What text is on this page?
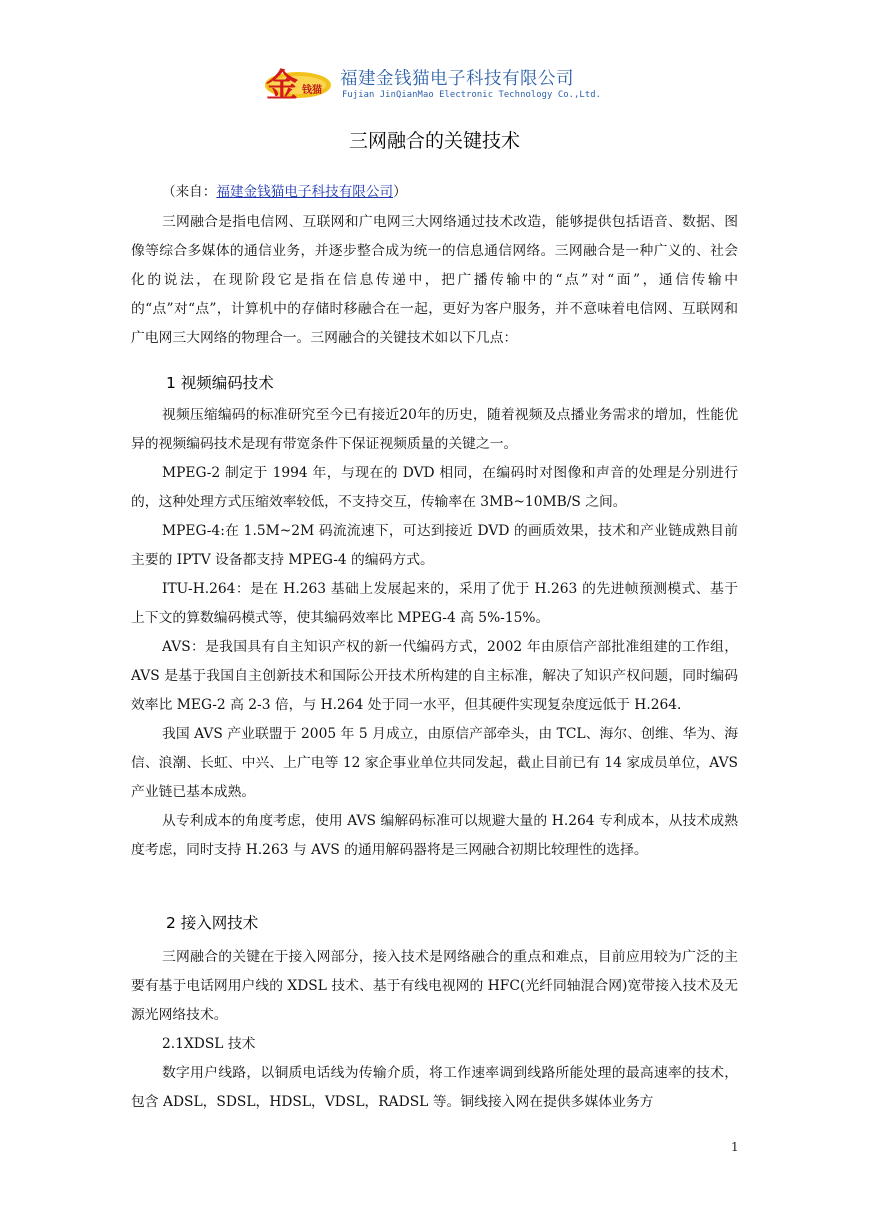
金 钱猫
福建金钱猫电子科技有限公司
Fujian JinQianMao Electronic Technology Co.,Ltd.
三网融合的关键技术
（来自：福建金钱猫电子科技有限公司）

三网融合是指电信网、互联网和广电网三大网络通过技术改造，能够提供包括语音、数据、图像等综合多媒体的通信业务，并逐步整合成为统一的信息通信网络。三网融合是一种广义的、社会化的说法，在现阶段它是指在信息传递中，把广播传输中的“点”对“面”，通信传输中的“点”对“点”，计算机中的存储时移融合在一起，更好为客户服务，并不意味着电信网、互联网和广电网三大网络的物理合一。三网融合的关键技术如以下几点：

1 视频编码技术

视频压缩编码的标准研究至今已有接近20年的历史，随着视频及点播业务需求的增加，性能优异的视频编码技术是现有带宽条件下保证视频质量的关键之一。

MPEG-2 制定于 1994 年，与现在的 DVD 相同，在编码时对图像和声音的处理是分别进行的，这种处理方式压缩效率较低，不支持交互，传输率在 3MB~10MB/S 之间。

MPEG-4:在 1.5M~2M 码流流速下，可达到接近 DVD 的画质效果，技术和产业链成熟目前主要的 IPTV 设备都支持 MPEG-4 的编码方式。

ITU-H.264：是在 H.263 基础上发展起来的，采用了优于 H.263 的先进帧预测模式、基于上下文的算数编码模式等，使其编码效率比 MPEG-4 高 5%-15%。

AVS：是我国具有自主知识产权的新一代编码方式，2002 年由原信产部批准组建的工作组，AVS 是基于我国自主创新技术和国际公开技术所构建的自主标准，解决了知识产权问题，同时编码效率比 MEG-2 高 2-3 倍，与 H.264 处于同一水平，但其硬件实现复杂度远低于 H.264.

我国 AVS 产业联盟于 2005 年 5 月成立，由原信产部牵头，由 TCL、海尔、创维、华为、海信、浪潮、长虹、中兴、上广电等 12 家企事业单位共同发起，截止目前已有 14 家成员单位，AVS 产业链已基本成熟。

从专利成本的角度考虑，使用 AVS 编解码标准可以规避大量的 H.264 专利成本，从技术成熟度考虑，同时支持 H.263 与 AVS 的通用解码器将是三网融合初期比较理性的选择。

2 接入网技术

三网融合的关键在于接入网部分，接入技术是网络融合的重点和难点，目前应用较为广泛的主要有基于电话网用户线的 XDSL 技术、基于有线电视网的 HFC(光纤同轴混合网)宽带接入技术及无源光网络技术。

2.1XDSL 技术

数字用户线路，以铜质电话线为传输介质，将工作速率调到线路所能处理的最高速率的技术，包含 ADSL，SDSL，HDSL，VDSL，RADSL 等。铜线接入网在提供多媒体业务方

1
